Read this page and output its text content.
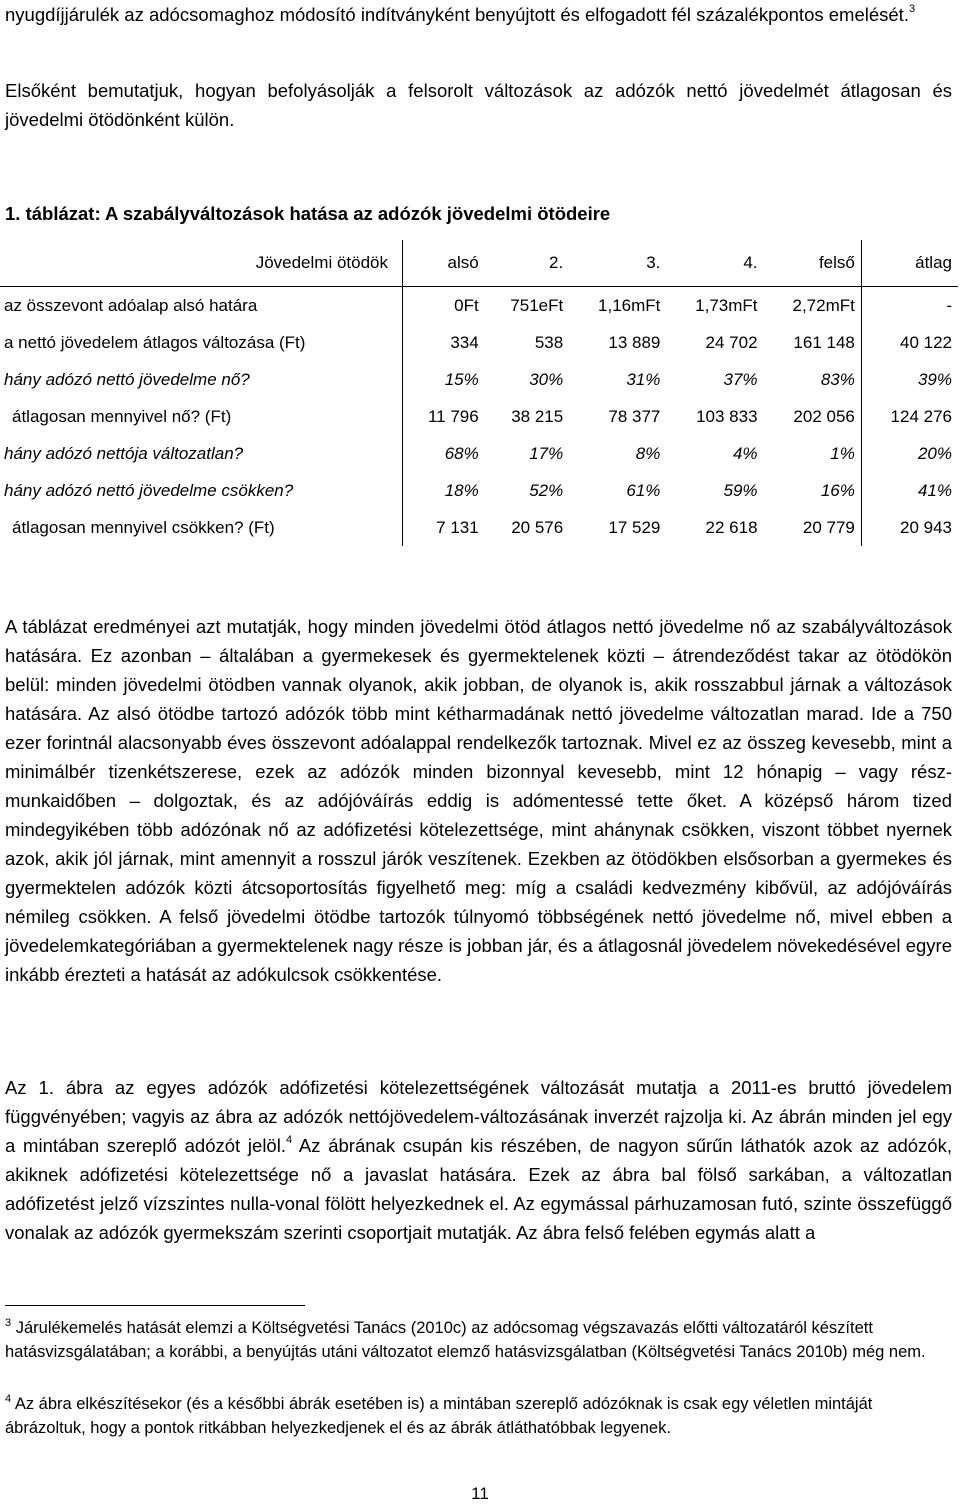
nyugdíjjárulék az adócsomaghoz módosító indítványként benyújtott és elfogadott fél százalékpontos emelését.$^3$

Elsőként bemutatjuk, hogyan befolyásolják a felsorolt változások az adózók nettó jövedelmét átlagosan és jövedelmi ötödönként külön.

1. táblázat: A szabályváltozások hatása az adózók jövedelmi ötödeire

Jövedelmi ötödök	alsó	2.	3.	4.	felső	átlag
az összevont adóalap alsó határa	0Ft	751eFt	1,16mFt	1,73mFt	2,72mFt	-
a nettó jövedelem átlagos változása (Ft)	334	538	13 889	24 702	161 148	40 122
hány adózó nettó jövedelme nő?	15%	30%	31%	37%	83%	39%
átlagosan mennyivel nő? (Ft)	11 796	38 215	78 377	103 833	202 056	124 276
hány adózó nettója változatlan?	68%	17%	8%	4%	1%	20%
hány adózó nettó jövedelme csökken?	18%	52%	61%	59%	16%	41%
átlagosan mennyivel csökken? (Ft)	7 131	20 576	17 529	22 618	20 779	20 943

A táblázat eredményei azt mutatják, hogy minden jövedelmi ötöd átlagos nettó jövedelme nő az szabályváltozások hatására. Ez azonban – általában a gyermekesek és gyermektelenek közti – átrendeződést takar az ötödökön belül: minden jövedelmi ötödben vannak olyanok, akik jobban, de olyanok is, akik rosszabbul járnak a változások hatására. Az alsó ötödbe tartozó adózók több mint kétharmadának nettó jövedelme változatlan marad. Ide a 750 ezer forintnál alacsonyabb éves összevont adóalappal rendelkezők tartoznak. Mivel ez az összeg kevesebb, mint a minimálbér tizenkétszerese, ezek az adózók minden bizonnyal kevesebb, mint 12 hónapig – vagy rész-munkaidőben – dolgoztak, és az adójóváírás eddig is adómentessé tette őket. A középső három tized mindegyikében több adózónak nő az adófizetési kötelezettsége, mint ahánynak csökken, viszont többet nyernek azok, akik jól járnak, mint amennyit a rosszul járók veszítenek. Ezekben az ötödökben elsősorban a gyermekes és gyermektelen adózók közti átcsoportosítás figyelhető meg: míg a családi kedvezmény kibővül, az adójóváírás némileg csökken. A felső jövedelmi ötödbe tartozók túlnyomó többségének nettó jövedelme nő, mivel ebben a jövedelemkategóriában a gyermektelenek nagy része is jobban jár, és a átlagosnál jövedelem növekedésével egyre inkább érezteti a hatását az adókulcsok csökkentése.

Az 1. ábra az egyes adózók adófizetési kötelezettségének változását mutatja a 2011-es bruttó jövedelem függvényében; vagyis az ábra az adózók nettójövedelem-változásának inverzét rajzolja ki. Az ábrán minden jel egy a mintában szereplő adózót jelöl.$^4$ Az ábrának csupán kis részében, de nagyon sűrűn láthatók azok az adózók, akiknek adófizetési kötelezettsége nő a javaslat hatására. Ezek az ábra bal fölső sarkában, a változatlan adófizetést jelző vízszintes nulla-vonal fölött helyezkednek el. Az egymással párhuzamosan futó, szinte összefüggő vonalak az adózók gyermekszám szerinti csoportjait mutatják. Az ábra felső felében egymás alatt a

$^3$ Járulékemelés hatását elemzi a Költségvetési Tanács (2010c) az adócsomag végszavazás előtti változatáról készített hatásvizsgálatában; a korábbi, a benyújtás utáni változatot elemző hatásvizsgálatban (Költségvetési Tanács 2010b) még nem.

$^4$ Az ábra elkészítésekor (és a későbbi ábrák esetében is) a mintában szereplő adózóknak is csak egy véletlen mintáját ábrázoltuk, hogy a pontok ritkábban helyezkedjenek el és az ábrák átláthatóbbak legyenek.

11
